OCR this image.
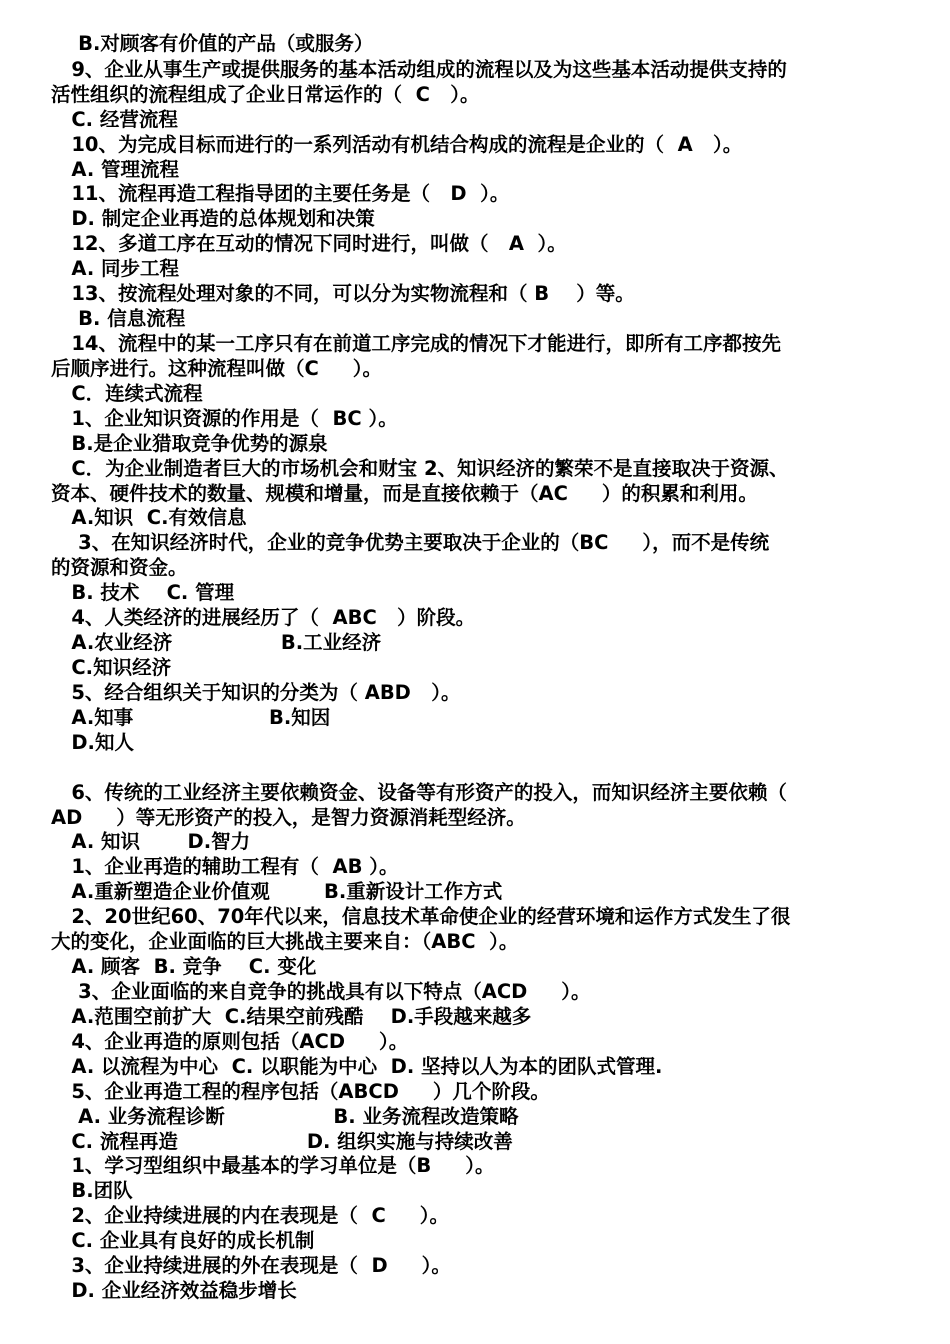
B.对顾客有价值的产品（或服务）
9、企业从事生产或提供服务的基本活动组成的流程以及为这些基本活动提供支持的
活性组织的流程组成了企业日常运作的（  C   ）。
C. 经营流程
10、为完成目标而进行的一系列活动有机结合构成的流程是企业的（  A   ）。
A. 管理流程
11、流程再造工程指导团的主要任务是（   D  ）。
D. 制定企业再造的总体规划和决策
12、多道工序在互动的情况下同时进行，叫做（   A  ）。
A. 同步工程
13、按流程处理对象的不同，可以分为实物流程和（ B    ）等。
B. 信息流程
14、流程中的某一工序只有在前道工序完成的情况下才能进行，即所有工序都按先
后顺序进行。这种流程叫做（C     ）。
C．连续式流程
1、企业知识资源的作用是（  BC ）。
B.是企业猎取竞争优势的源泉
C．为企业制造者巨大的市场机会和财宝 2、知识经济的繁荣不是直接取决于资源、
资本、硬件技术的数量、规模和增量，而是直接依赖于（AC     ）的积累和利用。
A.知识  C.有效信息
3、在知识经济时代，企业的竞争优势主要取决于企业的（BC     ），而不是传统
的资源和资金。
B. 技术    C. 管理
4、人类经济的进展经历了（  ABC   ）阶段。
A.农业经济                B.工业经济
C.知识经济
5、经合组织关于知识的分类为（ ABD   ）。
A.知事                    B.知因
D.知人
6、传统的工业经济主要依赖资金、设备等有形资产的投入，而知识经济主要依赖（
AD     ）等无形资产的投入，是智力资源消耗型经济。
A. 知识       D.智力
1、企业再造的辅助工程有（  AB ）。
A.重新塑造企业价值观        B.重新设计工作方式
2、20世纪60、70年代以来，信息技术革命使企业的经营环境和运作方式发生了很
大的变化，企业面临的巨大挑战主要来自：（ABC  ）。
A. 顾客  B. 竞争    C. 变化
3、企业面临的来自竞争的挑战具有以下特点（ACD     ）。
A.范围空前扩大  C.结果空前残酷    D.手段越来越多
4、企业再造的原则包括（ACD     ）。
A. 以流程为中心  C. 以职能为中心  D. 坚持以人为本的团队式管理.
5、企业再造工程的程序包括（ABCD     ）几个阶段。
A. 业务流程诊断                B. 业务流程改造策略
C. 流程再造                   D. 组织实施与持续改善
1、学习型组织中最基本的学习单位是（B     ）。
B.团队
2、企业持续进展的内在表现是（  C     ）。
C. 企业具有良好的成长机制
3、企业持续进展的外在表现是（  D     ）。
D. 企业经济效益稳步增长
